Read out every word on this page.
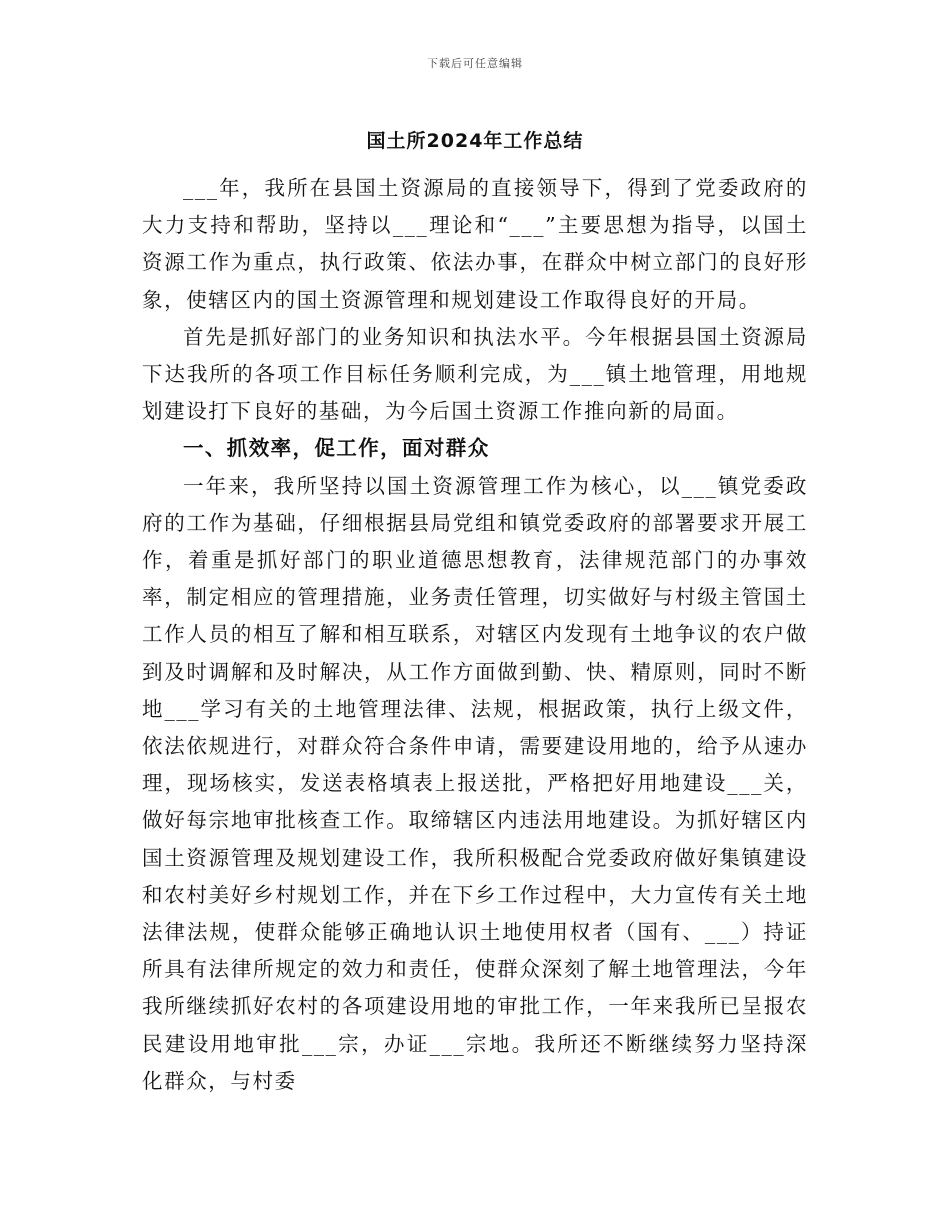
下载后可任意编辑
国土所2024年工作总结

___年，我所在县国土资源局的直接领导下，得到了党委政府的大力支持和帮助，坚持以___理论和“___”主要思想为指导，以国土资源工作为重点，执行政策、依法办事，在群众中树立部门的良好形象，使辖区内的国土资源管理和规划建设工作取得良好的开局。

首先是抓好部门的业务知识和执法水平。今年根据县国土资源局下达我所的各项工作目标任务顺利完成，为___镇土地管理，用地规划建设打下良好的基础，为今后国土资源工作推向新的局面。

一、抓效率，促工作，面对群众

一年来，我所坚持以国土资源管理工作为核心，以___镇党委政府的工作为基础，仔细根据县局党组和镇党委政府的部署要求开展工作，着重是抓好部门的职业道德思想教育，法律规范部门的办事效率，制定相应的管理措施，业务责任管理，切实做好与村级主管国土工作人员的相互了解和相互联系，对辖区内发现有土地争议的农户做到及时调解和及时解决，从工作方面做到勤、快、精原则，同时不断地___学习有关的土地管理法律、法规，根据政策，执行上级文件，依法依规进行，对群众符合条件申请，需要建设用地的，给予从速办理，现场核实，发送表格填表上报送批，严格把好用地建设___关，做好每宗地审批核查工作。取缔辖区内违法用地建设。为抓好辖区内国土资源管理及规划建设工作，我所积极配合党委政府做好集镇建设和农村美好乡村规划工作，并在下乡工作过程中，大力宣传有关土地法律法规，使群众能够正确地认识土地使用权者（国有、___）持证所具有法律所规定的效力和责任，使群众深刻了解土地管理法，今年我所继续抓好农村的各项建设用地的审批工作，一年来我所已呈报农民建设用地审批___宗，办证___宗地。我所还不断继续努力坚持深化群众，与村委
